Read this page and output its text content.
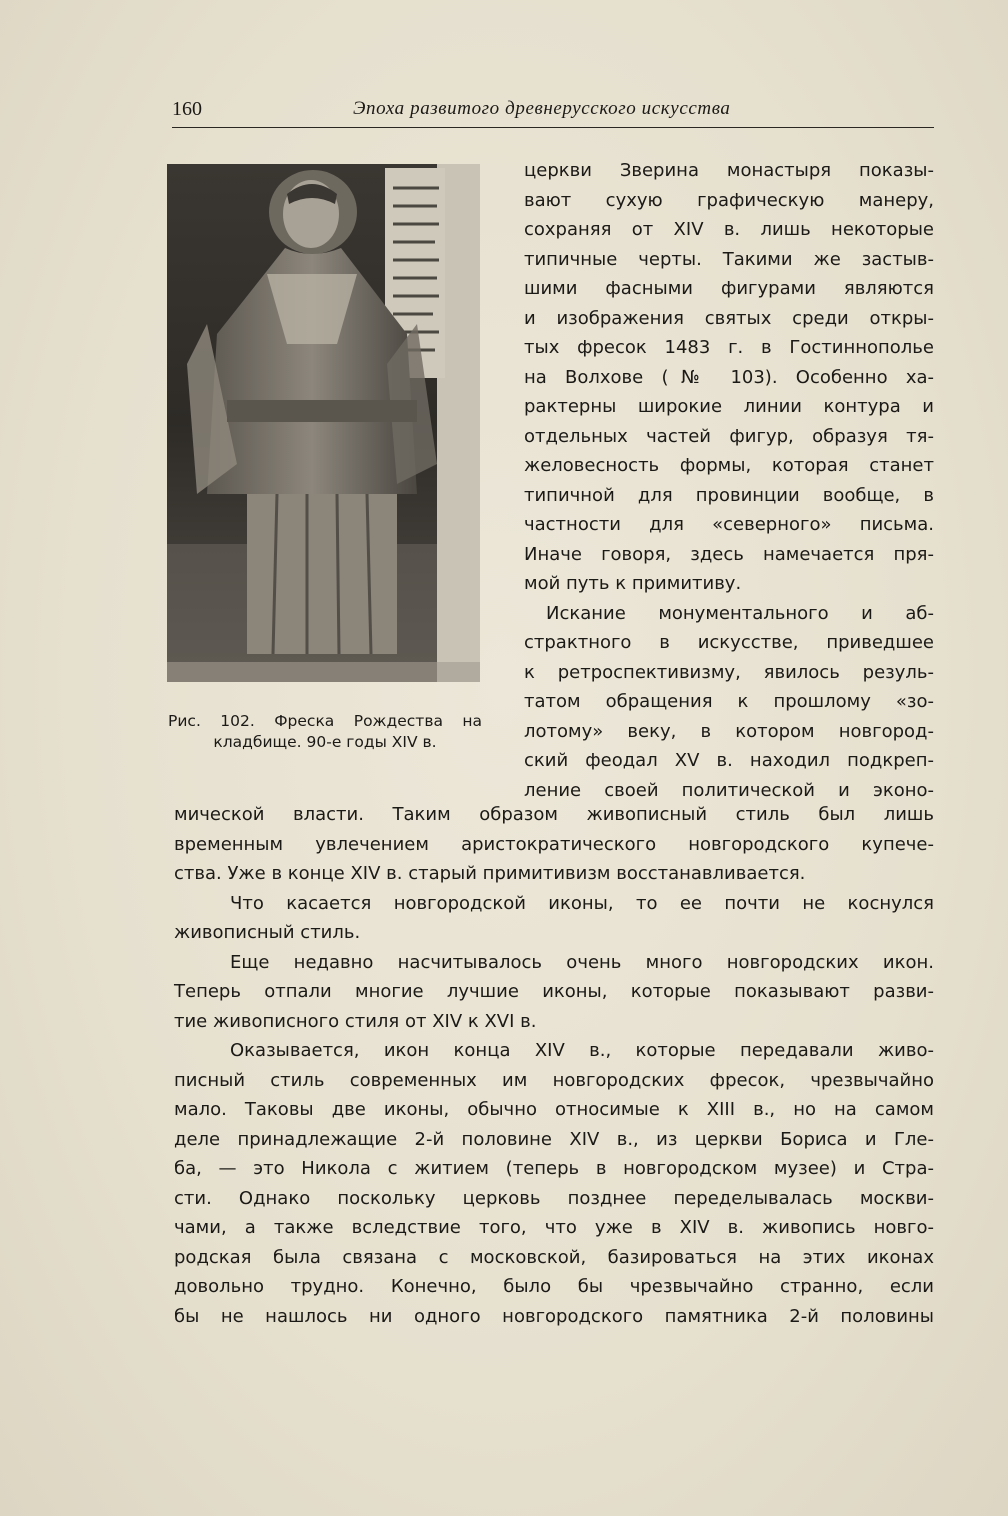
160	Эпоха развитого древнерусского искусства
Рис. 102. Фреска Рождества на
кладбище. 90-е годы XIV в.
церкви Зверина монастыря показы-
вают сухую графическую манеру,
сохраняя от XIV в. лишь некоторые
типичные черты. Такими же застыв-
шими фасными фигурами являются
и изображения святых среди откры-
тых фресок 1483 г. в Гостиннополье
на Волхове (№ 103). Особенно ха-
рактерны широкие линии контура и
отдельных частей фигур, образуя тя-
желовесность формы, которая станет
типичной для провинции вообще, в
частности для «северного» письма.
Иначе говоря, здесь намечается пря-
мой путь к примитиву.
Искание монументального и аб-
страктного в искусстве, приведшее
к ретроспективизму, явилось резуль-
татом обращения к прошлому «зо-
лотому» веку, в котором новгород-
ский феодал XV в. находил подкреп-
ление своей политической и эконо-
мической власти. Таким образом живописный стиль был лишь
временным увлечением аристократического новгородского купече-
ства. Уже в конце XIV в. старый примитивизм восстанавливается.
Что касается новгородской иконы, то ее почти не коснулся
живописный стиль.
Еще недавно насчитывалось очень много новгородских икон.
Теперь отпали многие лучшие иконы, которые показывают разви-
тие живописного стиля от XIV к XVI в.
Оказывается, икон конца XIV в., которые передавали живо-
писный стиль современных им новгородских фресок, чрезвычайно
мало. Таковы две иконы, обычно относимые к XIII в., но на самом
деле принадлежащие 2-й половине XIV в., из церкви Бориса и Гле-
ба, — это Никола с житием (теперь в новгородском музее) и Стра-
сти. Однако поскольку церковь позднее переделывалась москви-
чами, а также вследствие того, что уже в XIV в. живопись новго-
родская была связана с московской, базироваться на этих иконах
довольно трудно. Конечно, было бы чрезвычайно странно, если
бы не нашлось ни одного новгородского памятника 2-й половины
